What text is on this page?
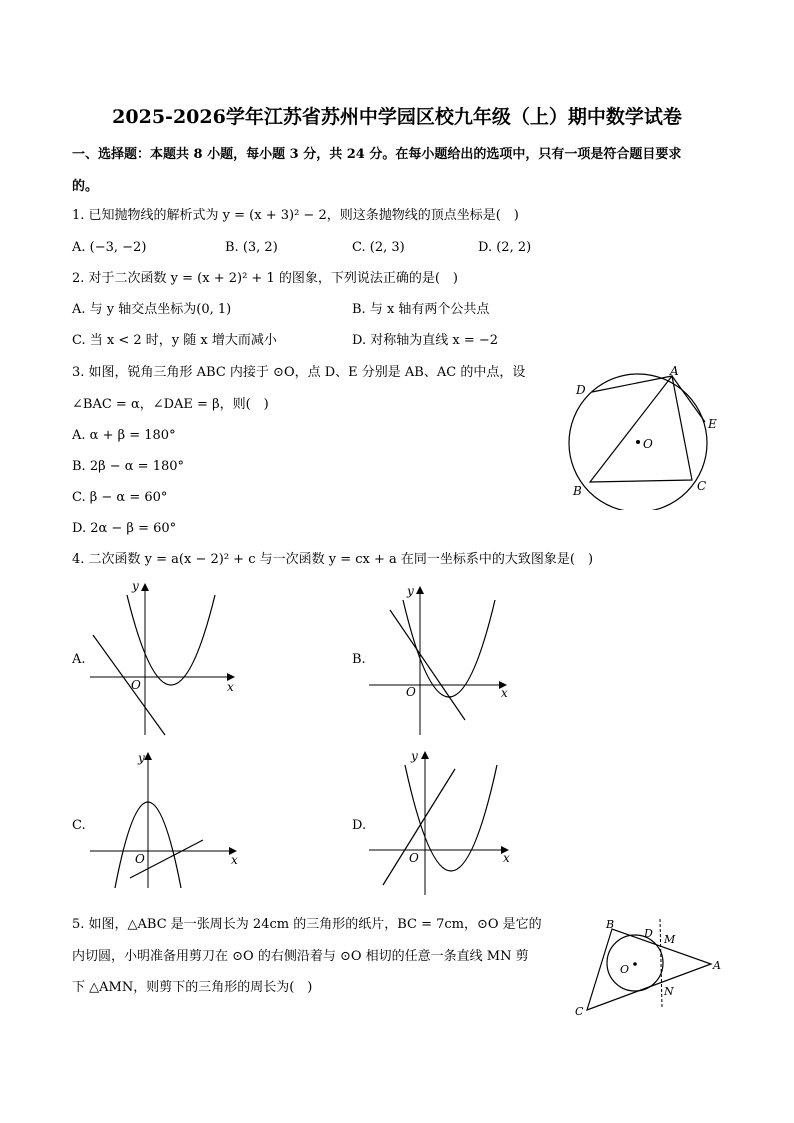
2025-2026学年江苏省苏州中学园区校九年级（上）期中数学试卷
一、选择题：本题共 8 小题，每小题 3 分，共 24 分。在每小题给出的选项中，只有一项是符合题目要求
的。
1. 已知抛物线的解析式为 y = (x + 3)² − 2，则这条抛物线的顶点坐标是(　)
A. (−3, −2)	B. (3, 2)	C. (2, 3)	D. (2, 2)
2. 对于二次函数 y = (x + 2)² + 1 的图象，下列说法正确的是(　)
A. 与 y 轴交点坐标为(0, 1)	B. 与 x 轴有两个公共点
C. 当 x < 2 时，y 随 x 增大而减小	D. 对称轴为直线 x = −2
3. 如图，锐角三角形 ABC 内接于 ⊙O，点 D、E 分别是 AB、AC 的中点，设
∠BAC = α，∠DAE = β，则(　)
A. α + β = 180°
B. 2β − α = 180°
C. β − α = 60°
D. 2α − β = 60°
A
B	C
D
E
O
4. 二次函数 y = a(x − 2)² + c 与一次函数 y = cx + a 在同一坐标系中的大致图象是(　)
A.
x
y
O
B.
x
y
O
C.
x
y
O
D.
x
y
O
5. 如图，△ABC 是一张周长为 24cm 的三角形的纸片，BC = 7cm，⊙O 是它的
内切圆，小明准备用剪刀在 ⊙O 的右侧沿着与 ⊙O 相切的任意一条直线 MN 剪
下 △AMN，则剪下的三角形的周长为(　)
B
C
A
D M
N
O
